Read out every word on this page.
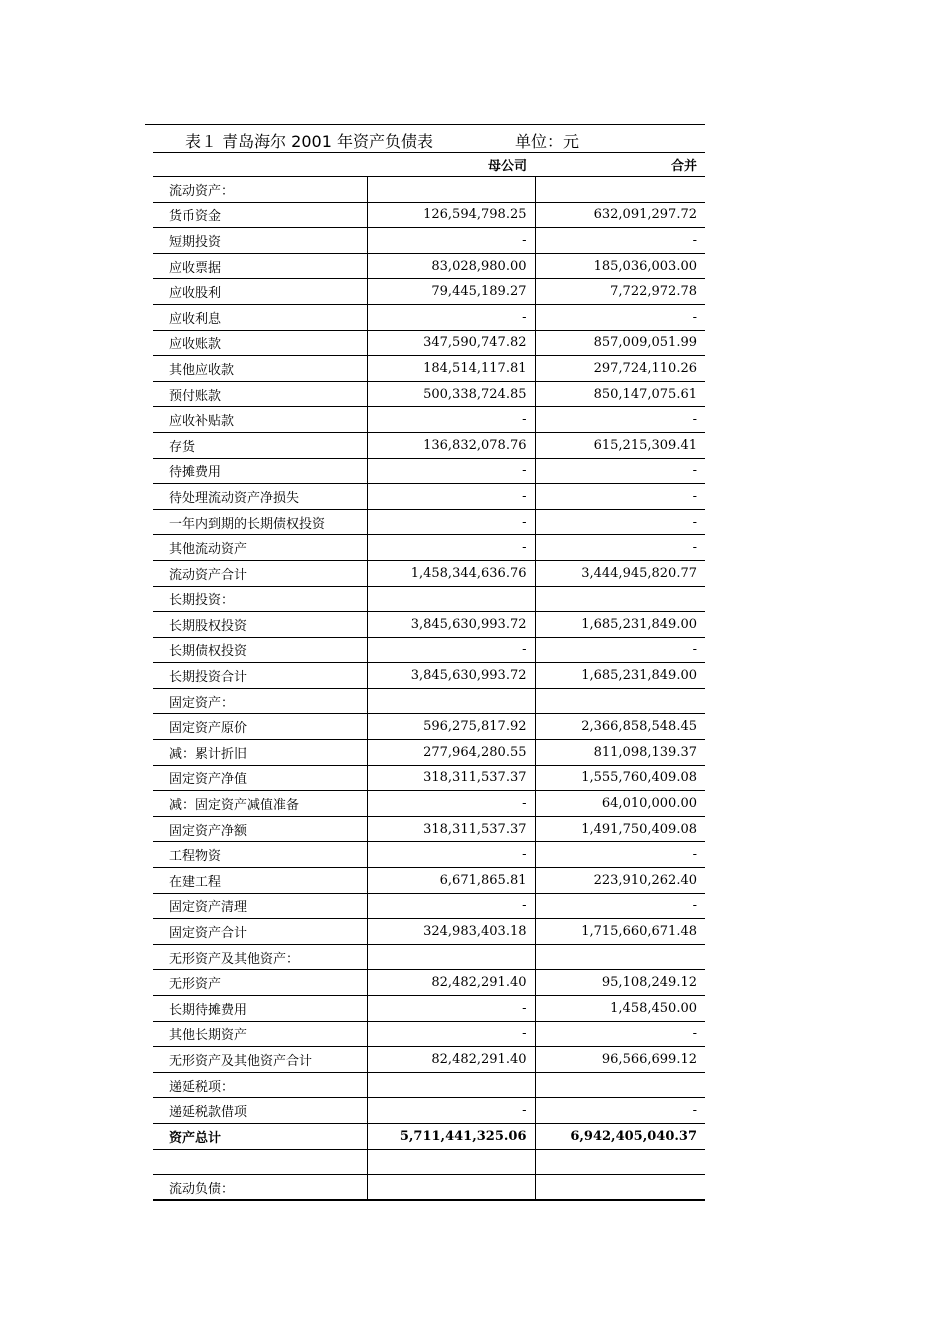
表１ 青岛海尔 2001 年资产负债表	单位：元
	母公司	合并
流动资产：		
货币资金	126,594,798.25	632,091,297.72
短期投资	-	-
应收票据	83,028,980.00	185,036,003.00
应收股利	79,445,189.27	7,722,972.78
应收利息	-	-
应收账款	347,590,747.82	857,009,051.99
其他应收款	184,514,117.81	297,724,110.26
预付账款	500,338,724.85	850,147,075.61
应收补贴款	-	-
存货	136,832,078.76	615,215,309.41
待摊费用	-	-
待处理流动资产净损失	-	-
一年内到期的长期债权投资	-	-
其他流动资产	-	-
流动资产合计	1,458,344,636.76	3,444,945,820.77
长期投资：		
长期股权投资	3,845,630,993.72	1,685,231,849.00
长期债权投资	-	-
长期投资合计	3,845,630,993.72	1,685,231,849.00
固定资产：		
固定资产原价	596,275,817.92	2,366,858,548.45
减：累计折旧	277,964,280.55	811,098,139.37
固定资产净值	318,311,537.37	1,555,760,409.08
减：固定资产减值准备	-	64,010,000.00
固定资产净额	318,311,537.37	1,491,750,409.08
工程物资	-	-
在建工程	6,671,865.81	223,910,262.40
固定资产清理	-	-
固定资产合计	324,983,403.18	1,715,660,671.48
无形资产及其他资产：		
无形资产	82,482,291.40	95,108,249.12
长期待摊费用	-	1,458,450.00
其他长期资产	-	-
无形资产及其他资产合计	82,482,291.40	96,566,699.12
递延税项：		
递延税款借项	-	-
资产总计	5,711,441,325.06	6,942,405,040.37

流动负债：		
